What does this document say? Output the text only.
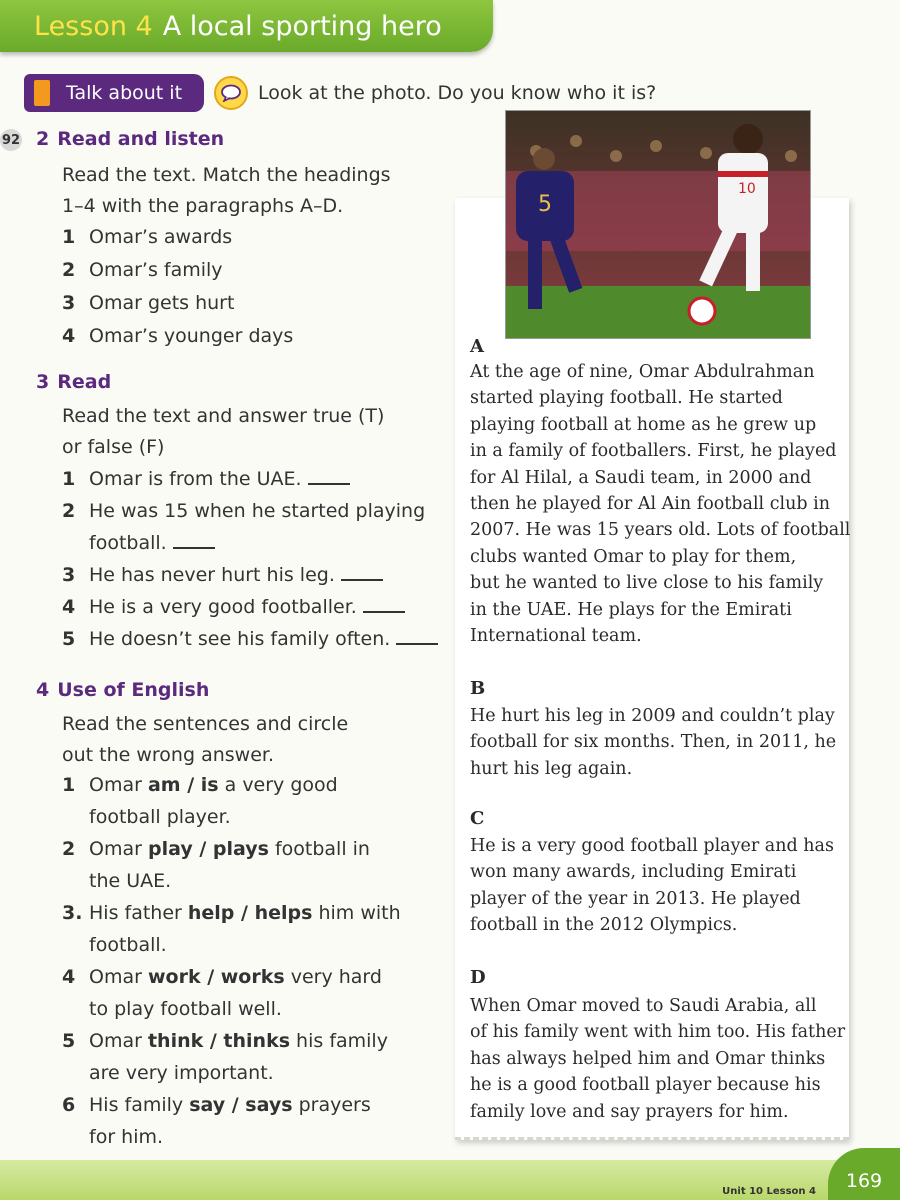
Lesson 4 A local sporting hero
1	Talk about it	Look at the photo. Do you know who it is?
92 2 Read and listen
Read the text. Match the headings
1–4 with the paragraphs A–D.
1 Omar’s awards
2 Omar’s family
3 Omar gets hurt
4 Omar’s younger days
3 Read
Read the text and answer true (T)
or false (F)
1 Omar is from the UAE.
2 He was 15 when he started playing
football.
3 He has never hurt his leg.
4 He is a very good footballer.
5 He doesn’t see his family often.
4 Use of English
Read the sentences and circle
out the wrong answer.
1 Omar am / is a very good
football player.
2 Omar play / plays football in
the UAE.
3. His father help / helps him with
football.
4 Omar work / works very hard
to play football well.
5 Omar think / thinks his family
are very important.
6 His family say / says prayers
for him.
5
10
A
At the age of nine, Omar Abdulrahman
started playing football. He started
playing football at home as he grew up
in a family of footballers. First, he played
for Al Hilal, a Saudi team, in 2000 and
then he played for Al Ain football club in
2007. He was 15 years old. Lots of football
clubs wanted Omar to play for them,
but he wanted to live close to his family
in the UAE. He plays for the Emirati
International team.
B
He hurt his leg in 2009 and couldn’t play
football for six months. Then, in 2011, he
hurt his leg again.
C
He is a very good football player and has
won many awards, including Emirati
player of the year in 2013. He played
football in the 2012 Olympics.
D
When Omar moved to Saudi Arabia, all
of his family went with him too. His father
has always helped him and Omar thinks
he is a good football player because his
family love and say prayers for him.
Unit 10 Lesson 4	169
